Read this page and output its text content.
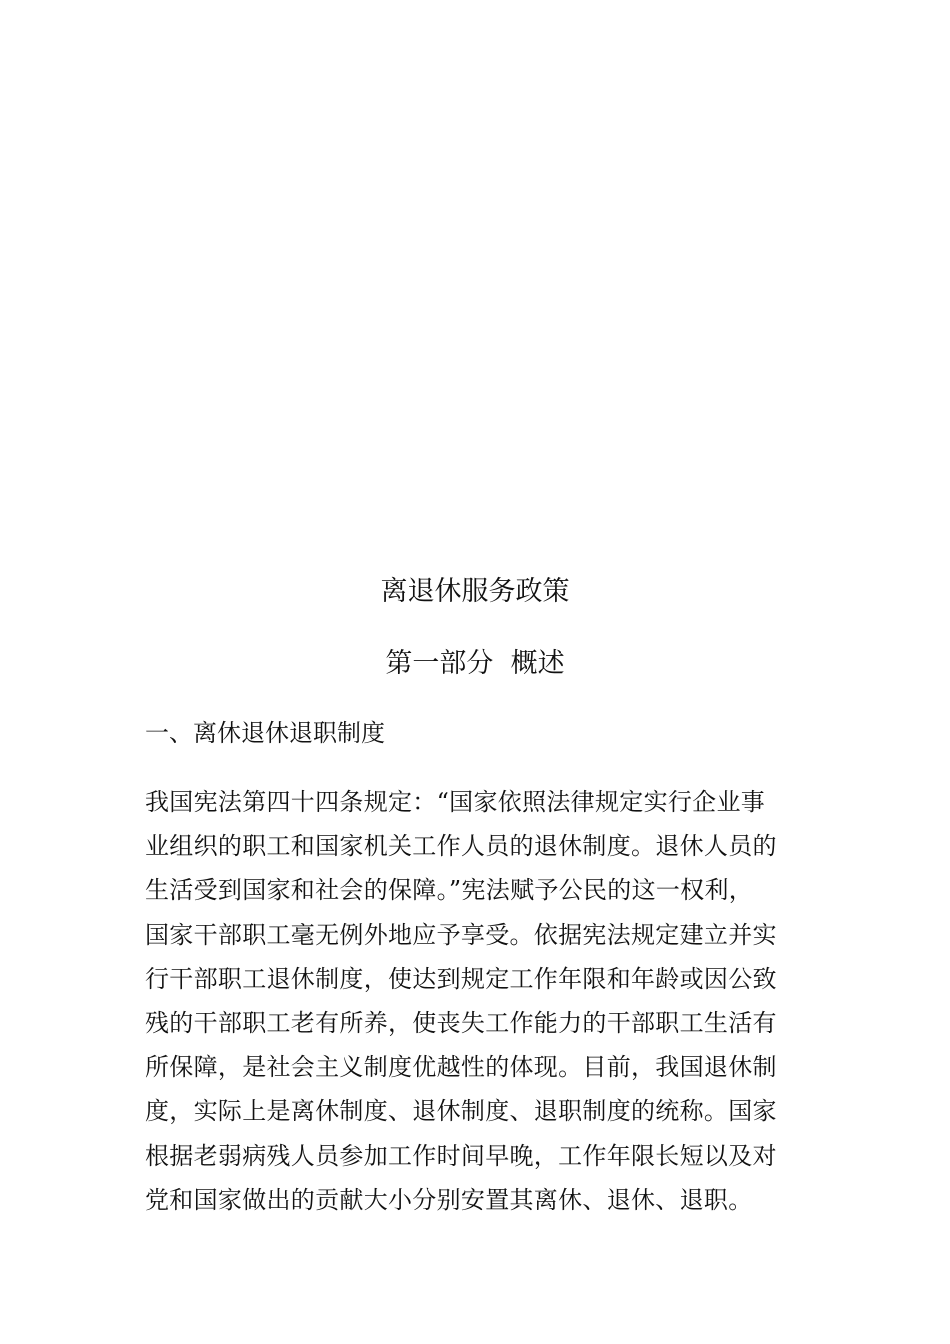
离退休服务政策
第一部分  概述
一、离休退休退职制度
我国宪法第四十四条规定：“国家依照法律规定实行企业事
业组织的职工和国家机关工作人员的退休制度。退休人员的
生活受到国家和社会的保障。”宪法赋予公民的这一权利，
国家干部职工毫无例外地应予享受。依据宪法规定建立并实
行干部职工退休制度，使达到规定工作年限和年龄或因公致
残的干部职工老有所养，使丧失工作能力的干部职工生活有
所保障，是社会主义制度优越性的体现。目前，我国退休制
度，实际上是离休制度、退休制度、退职制度的统称。国家
根据老弱病残人员参加工作时间早晚，工作年限长短以及对
党和国家做出的贡献大小分别安置其离休、退休、退职。
